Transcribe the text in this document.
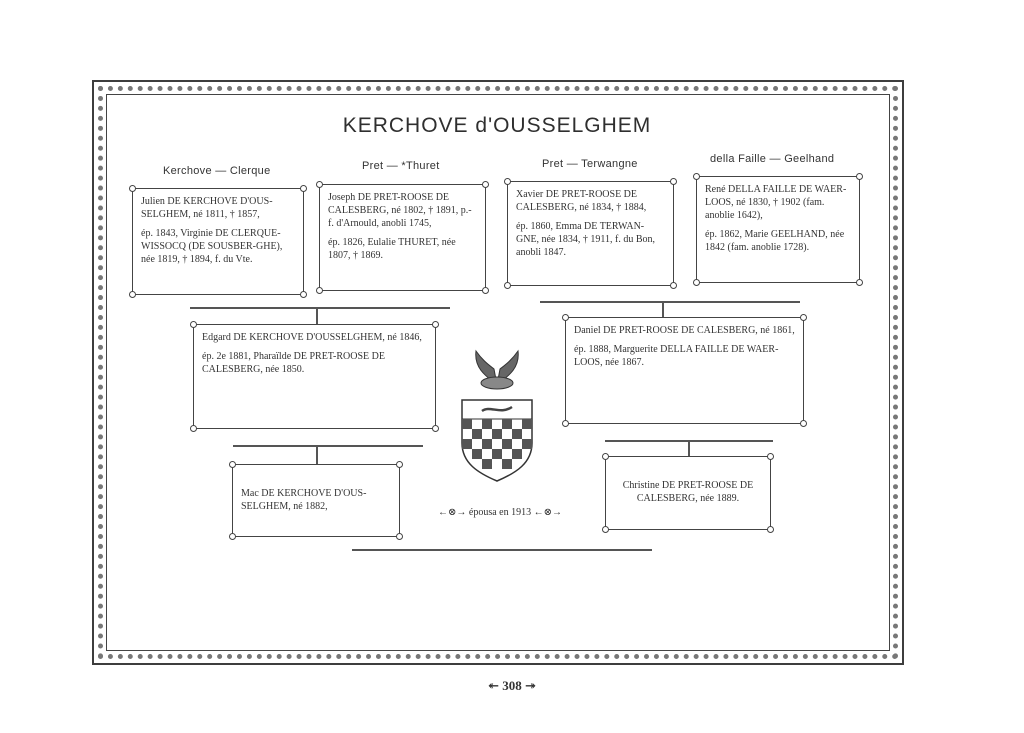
KERCHOVE d'OUSSELGHEM
Kerchove — Clerque	Pret — *Thuret	Pret — Terwangne	della Faille — Geelhand

Julien DE KERCHOVE D'OUS-SELGHEM, né 1811, † 1857,

ép. 1843, Virginie DE CLERQUE-WISSOCQ (DE SOUSBER-GHE), née 1819, † 1894, f. du Vte.

Joseph DE PRET-ROOSE DE CALESBERG, né 1802, † 1891, p.-f. d'Arnould, anobli 1745,

ép. 1826, Eulalie THURET, née 1807, † 1869.

Xavier DE PRET-ROOSE DE CALESBERG, né 1834, † 1884,

ép. 1860, Emma DE TERWAN-GNE, née 1834, † 1911, f. du Bon, anobli 1847.

René DELLA FAILLE DE WAER-LOOS, né 1830, † 1902 (fam. anoblie 1642),

ép. 1862, Marie GEELHAND, née 1842 (fam. anoblie 1728).

Edgard DE KERCHOVE D'OUSSELGHEM, né 1846,

ép. 2e 1881, Pharaïlde DE PRET-ROOSE DE CALESBERG, née 1850.

Daniel DE PRET-ROOSE DE CALESBERG, né 1861,

ép. 1888, Marguerite DELLA FAILLE DE WAER-LOOS, née 1867.

Mac DE KERCHOVE D'OUS-SELGHEM, né 1882,

Christine DE PRET-ROOSE DE CALESBERG, née 1889.

←⊗→ épousa en 1913 ←⊗→
↞ 308 ↠
